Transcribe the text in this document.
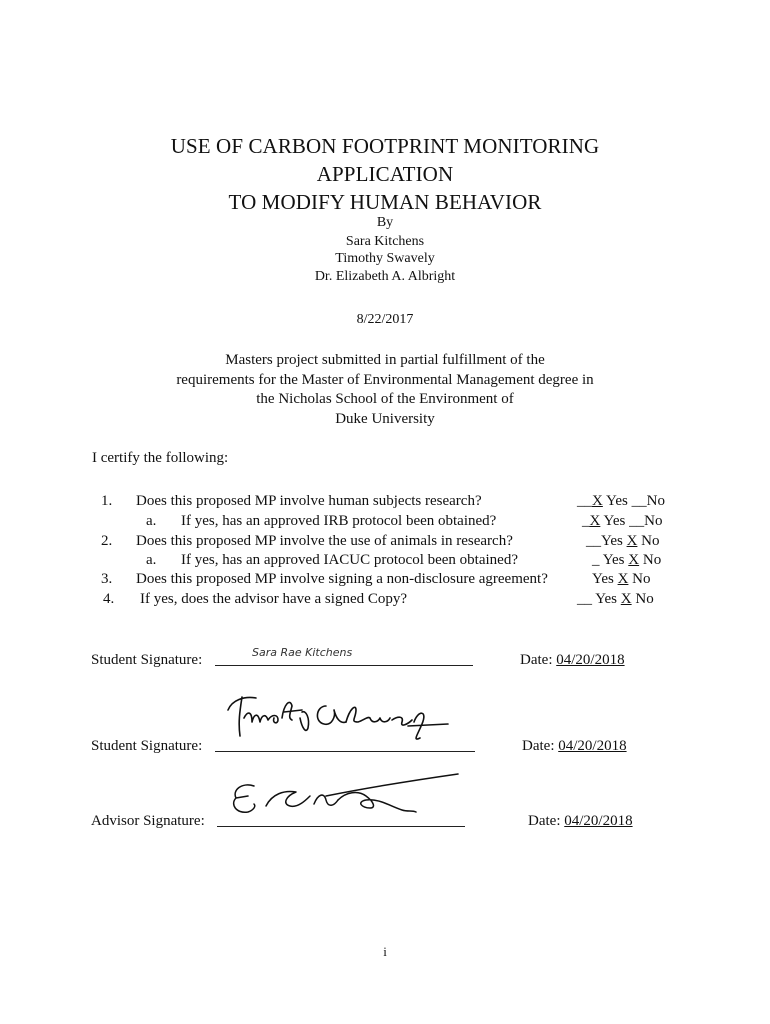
USE OF CARBON FOOTPRINT MONITORING
APPLICATION
TO MODIFY HUMAN BEHAVIOR
By
Sara Kitchens
Timothy Swavely
Dr. Elizabeth A. Albright
8/22/2017
Masters project submitted in partial fulfillment of the
requirements for the Master of Environmental Management degree in
the Nicholas School of the Environment of
Duke University
I certify the following:
1. Does this proposed MP involve human subjects research?	__X Yes __No
a. If yes, has an approved IRB protocol been obtained?	_X Yes __No
2. Does this proposed MP involve the use of animals in research?	__Yes X No
a. If yes, has an approved IACUC protocol been obtained?	_ Yes X No
3. Does this proposed MP involve signing a non-disclosure agreement?	Yes X No
4. If yes, does the advisor have a signed Copy?	__ Yes X No
Student Signature:	Sara Rae Kitchens	Date: 04/20/2018
Student Signature:	Date: 04/20/2018
Advisor Signature:	Date: 04/20/2018
i
